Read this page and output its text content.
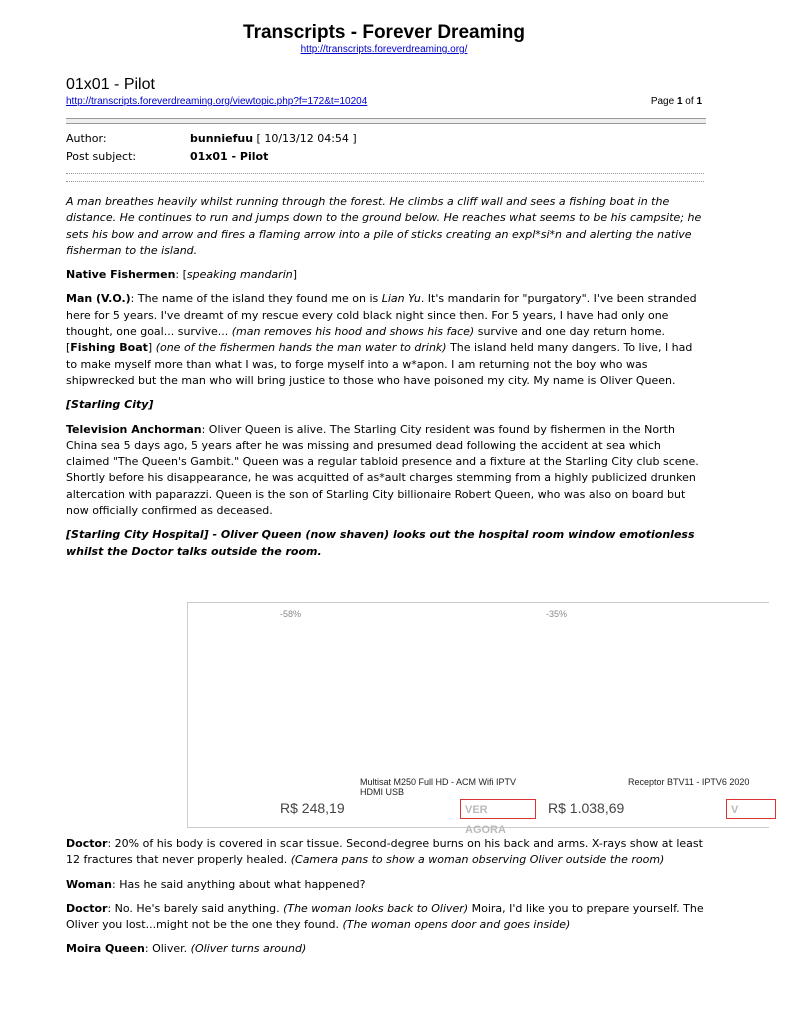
Transcripts - Forever Dreaming
http://transcripts.foreverdreaming.org/
01x01 - Pilot
http://transcripts.foreverdreaming.org/viewtopic.php?f=172&t=10204	Page 1 of 1
Author:	bunniefuu [ 10/13/12 04:54 ]
Post subject:	01x01 - Pilot

A man breathes heavily whilst running through the forest. He climbs a cliff wall and sees a fishing boat in the distance. He continues to run and jumps down to the ground below. He reaches what seems to be his campsite; he sets his bow and arrow and fires a flaming arrow into a pile of sticks creating an expl*si*n and alerting the native fisherman to the island.

Native Fishermen: [speaking mandarin]

Man (V.O.): The name of the island they found me on is Lian Yu. It's mandarin for "purgatory". I've been stranded here for 5 years. I've dreamt of my rescue every cold black night since then. For 5 years, I have had only one thought, one goal... survive... (man removes his hood and shows his face) survive and one day return home. [Fishing Boat] (one of the fishermen hands the man water to drink) The island held many dangers. To live, I had to make myself more than what I was, to forge myself into a w*apon. I am returning not the boy who was shipwrecked but the man who will bring justice to those who have poisoned my city. My name is Oliver Queen.

[Starling City]

Television Anchorman: Oliver Queen is alive. The Starling City resident was found by fishermen in the North China sea 5 days ago, 5 years after he was missing and presumed dead following the accident at sea which claimed "The Queen's Gambit." Queen was a regular tabloid presence and a fixture at the Starling City club scene. Shortly before his disappearance, he was acquitted of as*ault charges stemming from a highly publicized drunken altercation with paparazzi. Queen is the son of Starling City billionaire Robert Queen, who was also on board but now officially confirmed as deceased.

[Starling City Hospital] - Oliver Queen (now shaven) looks out the hospital room window emotionless whilst the Doctor talks outside the room.

-58%	-35%
Multisat M250 Full HD - ACM Wifi IPTV HDMI USB
Receptor BTV11 - IPTV6 2020
R$ 248,19	VER AGORA
R$ 1.038,69	V

Doctor: 20% of his body is covered in scar tissue. Second-degree burns on his back and arms. X-rays show at least 12 fractures that never properly healed. (Camera pans to show a woman observing Oliver outside the room)

Woman: Has he said anything about what happened?

Doctor: No. He's barely said anything. (The woman looks back to Oliver) Moira, I'd like you to prepare yourself. The Oliver you lost...might not be the one they found. (The woman opens door and goes inside)

Moira Queen: Oliver. (Oliver turns around)
